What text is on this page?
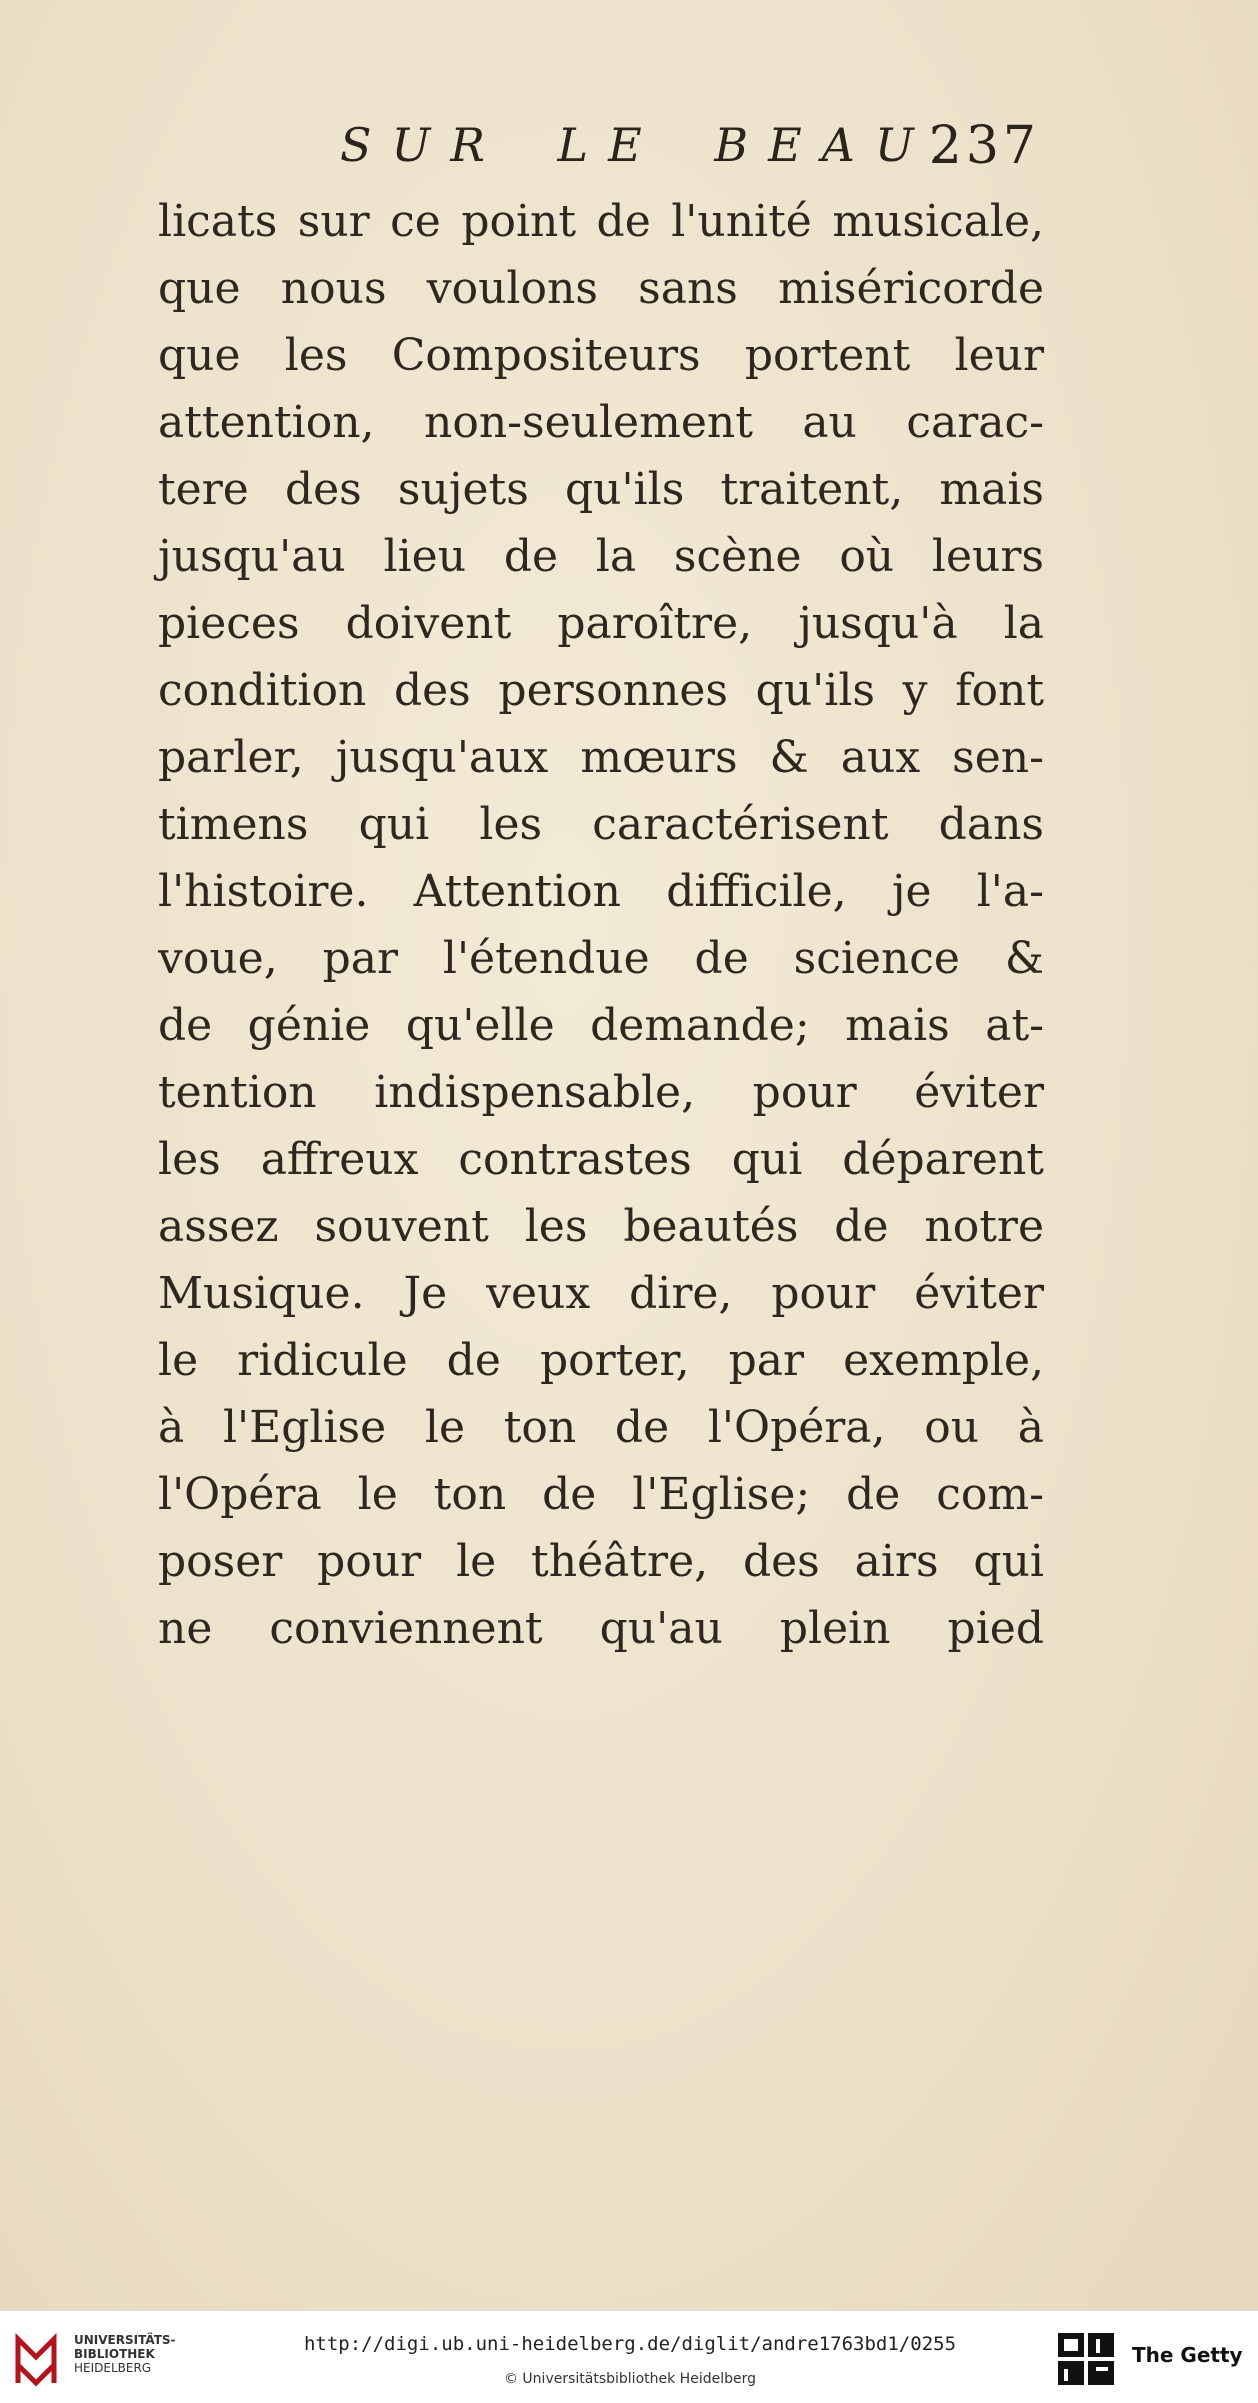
SUR LE BEAU.
237
licats sur ce point de l'unité musicale,
que nous voulons sans miséricorde
que les Compositeurs portent leur
attention, non-seulement au carac-
tere des sujets qu'ils traitent, mais
jusqu'au lieu de la scène où leurs
pieces doivent paroître, jusqu'à la
condition des personnes qu'ils y font
parler, jusqu'aux mœurs & aux sen-
timens qui les caractérisent dans
l'histoire. Attention difficile, je l'a-
voue, par l'étendue de science &
de génie qu'elle demande; mais at-
tention indispensable, pour éviter
les affreux contrastes qui déparent
assez souvent les beautés de notre
Musique. Je veux dire, pour éviter
le ridicule de porter, par exemple,
à l'Eglise le ton de l'Opéra, ou à
l'Opéra le ton de l'Eglise; de com-
poser pour le théâtre, des airs qui
ne conviennent qu'au plein pied
UNIVERSITÄTS-
BIBLIOTHEK
HEIDELBERG
http://digi.ub.uni-heidelberg.de/diglit/andre1763bd1/0255
© Universitätsbibliothek Heidelberg
The Getty
